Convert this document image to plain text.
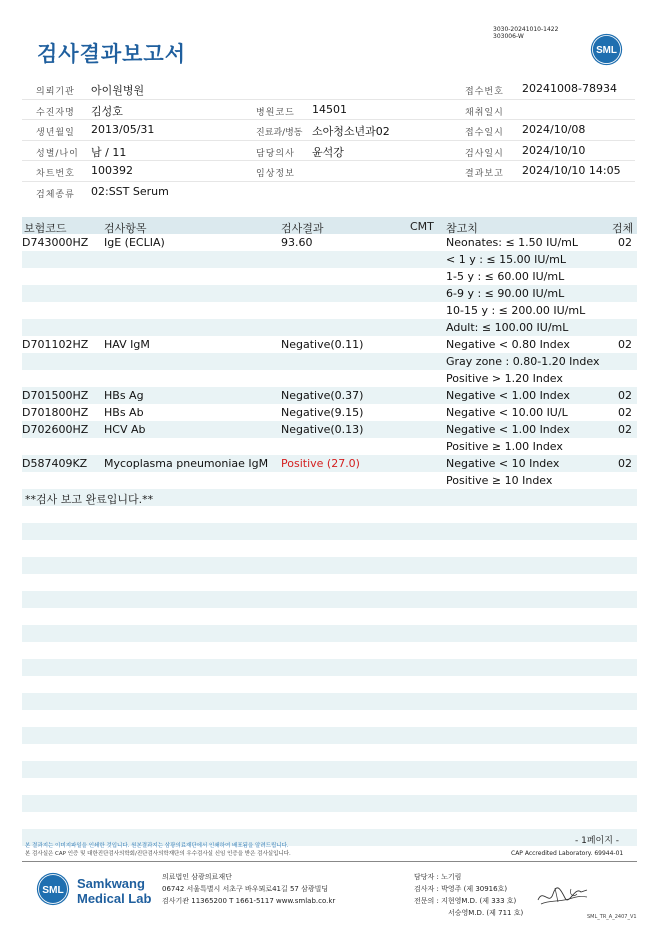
검사결과보고서
3030-20241010-1422
303006-W
SML
의뢰기관 아이원병원	접수번호 20241008-78934
수진자명 김성호	병원코드 14501	채취일시
생년월일 2013/05/31	진료과/병동 소아청소년과02	접수일시 2024/10/08
성별/나이 남 / 11	담당의사 윤석강	검사일시 2024/10/10
차트번호 100392	임상정보	결과보고 2024/10/10 14:05
검체종류 02:SST Serum
보험코드	검사항목	검사결과	CMT 참고치	검체
D743000HZ IgE (ECLIA)	93.60	Neonates: ≤ 1.50 IU/mL	02
< 1 y : ≤ 15.00 IU/mL
1-5 y : ≤ 60.00 IU/mL
6-9 y : ≤ 90.00 IU/mL
10-15 y : ≤ 200.00 IU/mL
Adult: ≤ 100.00 IU/mL
D701102HZ HAV IgM	Negative(0.11)	Negative < 0.80 Index	02
Gray zone : 0.80-1.20 Index
Positive > 1.20 Index
D701500HZ HBs Ag	Negative(0.37)	Negative < 1.00 Index	02
D701800HZ HBs Ab	Negative(9.15)	Negative < 10.00 IU/L	02
D702600HZ HCV Ab	Negative(0.13)	Negative < 1.00 Index	02
Positive ≥ 1.00 Index
D587409KZ Mycoplasma pneumoniae IgM Positive (27.0)	Negative < 10 Index	02
Positive ≥ 10 Index
**검사 보고 완료입니다.**
본 결과지는 이미지파일을 인쇄한 것입니다. 원본결과지는 삼광의료재단에서 인쇄하여 배포됨을 알려드립니다.
본 검사실은 CAP 인증 및 대한진단검사의학회/진단검사의학재단의 우수검사실 신임 인증을 받은 검사실입니다.
- 1페이지 -
CAP Accredited Laboratory. 69944-01
SML Samkwang
Medical Lab
의료법인 삼광의료재단
06742 서울특별시 서초구 바우뫼로41길 57 삼광빌딩
검사기관 11365200 T 1661-5117 www.smlab.co.kr
담당자 : 노기림
검사자 : 박영주 (제 30916호)
전문의 : 지현영M.D. (제 333 호)
서승영M.D. (제 711 호)	SML_TR_A_2407_V1
